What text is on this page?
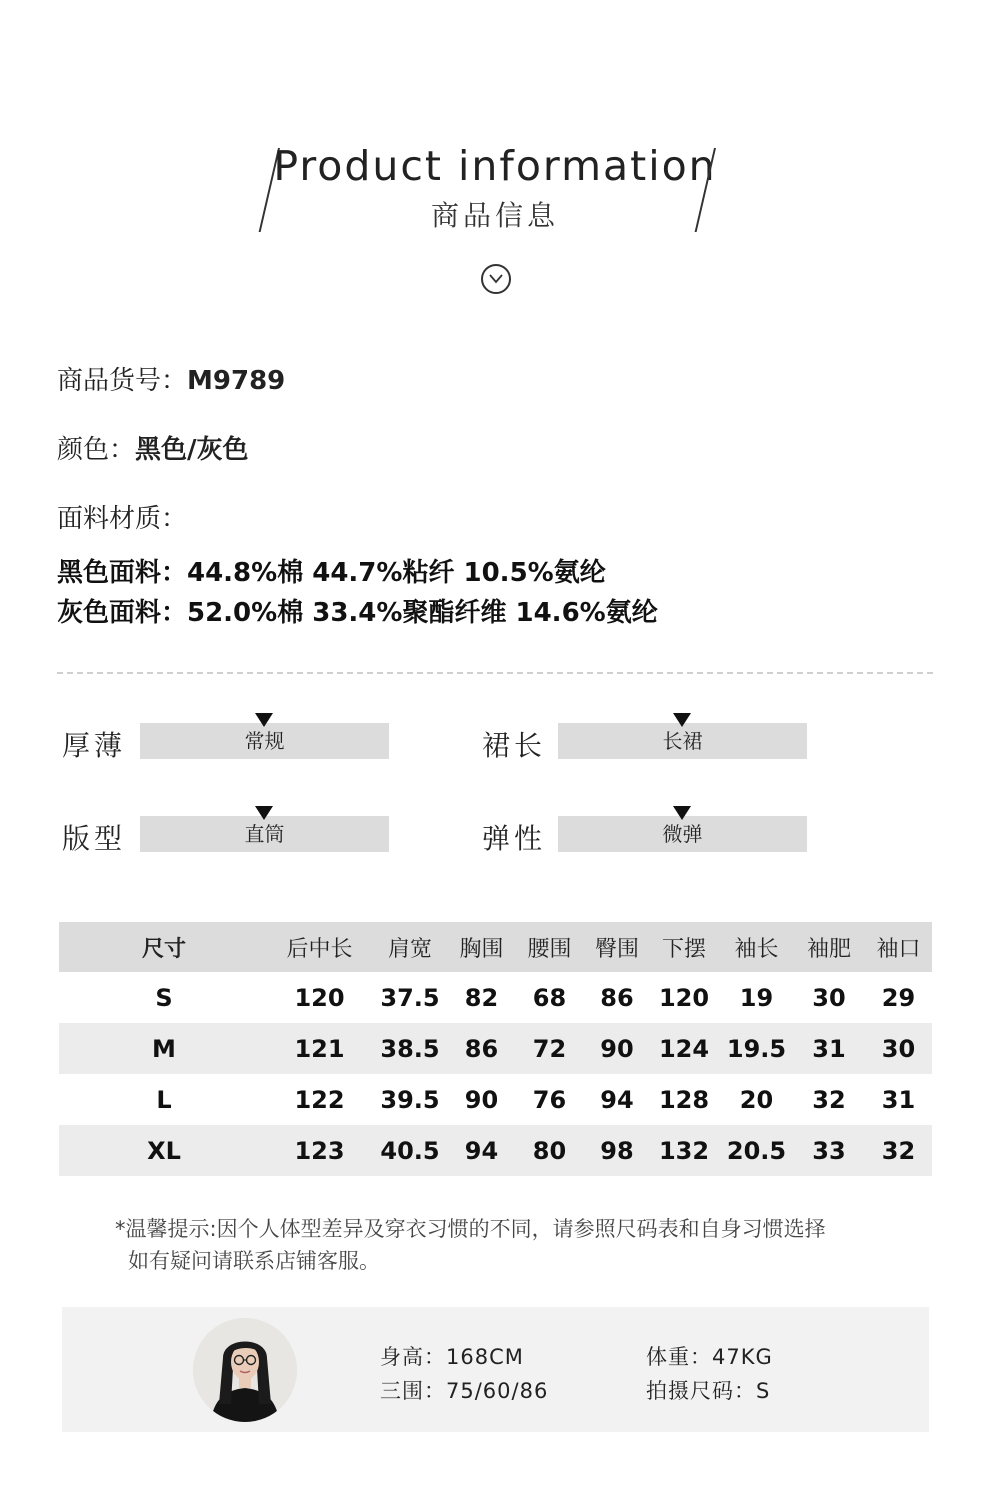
Product information
商品信息
商品货号：M9789
颜色：黑色/灰色
面料材质：
黑色面料：44.8%棉 44.7%粘纤 10.5%氨纶
灰色面料：52.0%棉 33.4%聚酯纤维 14.6%氨纶
厚薄	常规	裙长	长裙
版型	直筒	弹性	微弹
尺寸	后中长	肩宽	胸围	腰围	臀围	下摆	袖长	袖肥	袖口
S	120	37.5	82	68	86	120	19	30	29
M	121	38.5	86	72	90	124	19.5	31	30
L	122	39.5	90	76	94	128	20	32	31
XL	123	40.5	94	80	98	132	20.5	33	32
*温馨提示:因个人体型差异及穿衣习惯的不同，请参照尺码表和自身习惯选择
如有疑问请联系店铺客服。
身高：168CM	体重：47KG
三围：75/60/86	拍摄尺码：S
